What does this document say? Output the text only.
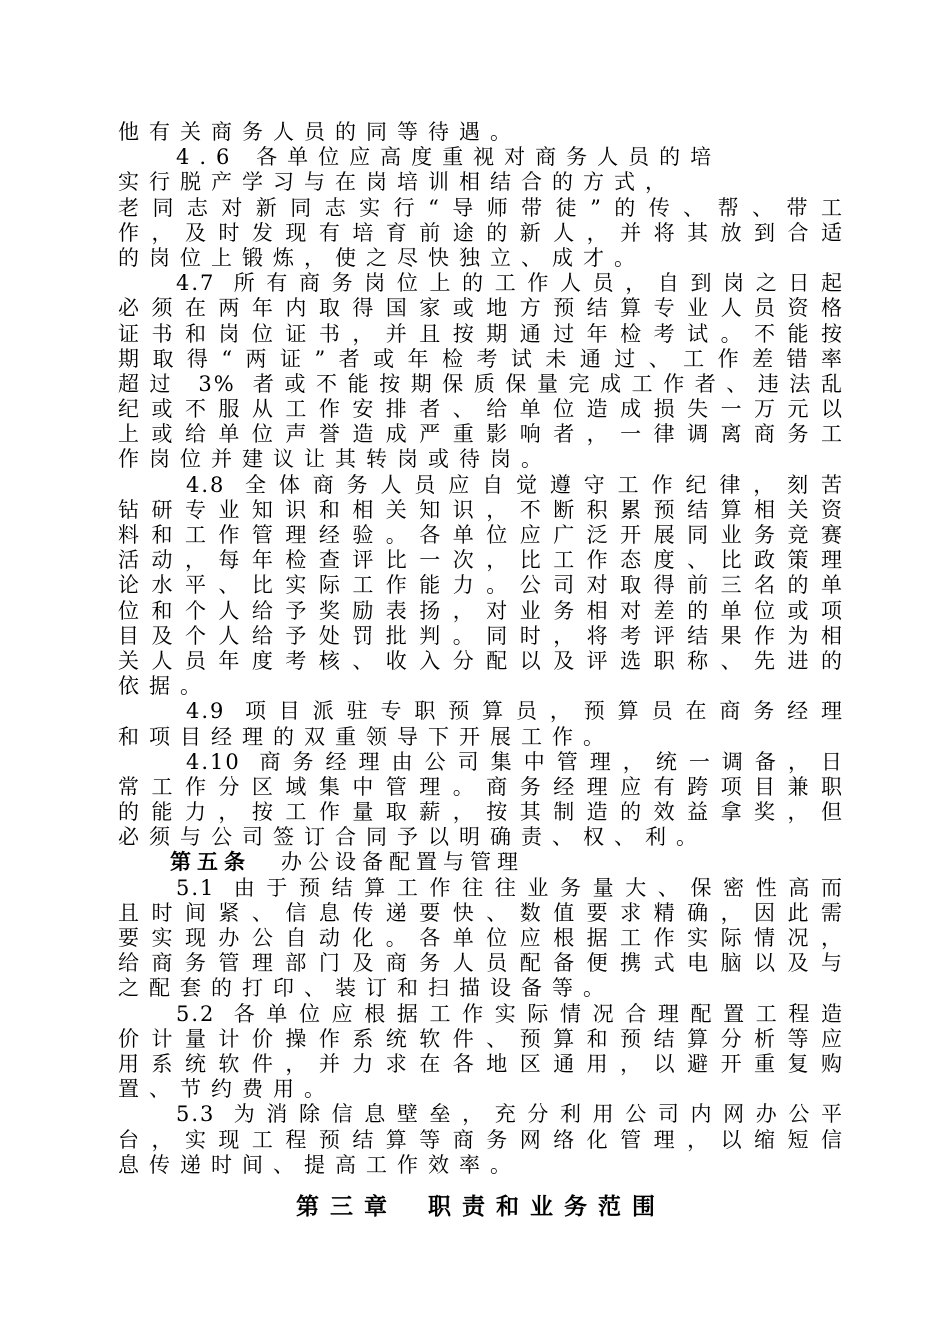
他有关商务人员的同等待遇。
4.6 各单位应高度重视对商务人员的培
实行脱产学习与在岗培训相结合的方式，
老同志对新同志实行“导师带徒”的传、帮、带工
作，及时发现有培育前途的新人，并将其放到合适
的岗位上锻炼，使之尽快独立、成才。
4.7 所有商务岗位上的工作人员，自到岗之日起
必须在两年内取得国家或地方预结算专业人员资格
证书和岗位证书，并且按期通过年检考试。不能按
期取得“两证”者或年检考试未通过、工作差错率
超过 3% 者或不能按期保质保量完成工作者、违法乱
纪或不服从工作安排者、给单位造成损失一万元以
上或给单位声誉造成严重影响者，一律调离商务工
作岗位并建议让其转岗或待岗。
4.8 全体商务人员应自觉遵守工作纪律，刻苦
钻研专业知识和相关知识，不断积累预结算相关资
料和工作管理经验。各单位应广泛开展同业务竞赛
活动，每年检查评比一次，比工作态度、比政策理
论水平、比实际工作能力。公司对取得前三名的单
位和个人给予奖励表扬，对业务相对差的单位或项
目及个人给予处罚批判。同时，将考评结果作为相
关人员年度考核、收入分配以及评选职称、先进的
依据。
4.9 项目派驻专职预算员，预算员在商务经理
和项目经理的双重领导下开展工作。
4.10 商务经理由公司集中管理，统一调备，日
常工作分区域集中管理。商务经理应有跨项目兼职
的能力，按工作量取薪，按其制造的效益拿奖，但
必须与公司签订合同予以明确责、权、利。
第五条 办公设备配置与管理
5.1 由于预结算工作往往业务量大、保密性高而
且时间紧、信息传递要快、数值要求精确，因此需
要实现办公自动化。各单位应根据工作实际情况，
给商务管理部门及商务人员配备便携式电脑以及与
之配套的打印、装订和扫描设备等。
5.2 各单位应根据工作实际情况合理配置工程造
价计量计价操作系统软件、预算和预结算分析等应
用系统软件，并力求在各地区通用，以避开重复购
置、节约费用。
5.3 为消除信息壁垒，充分利用公司内网办公平
台，实现工程预结算等商务网络化管理，以缩短信
息传递时间、提高工作效率。
第三章 职责和业务范围
